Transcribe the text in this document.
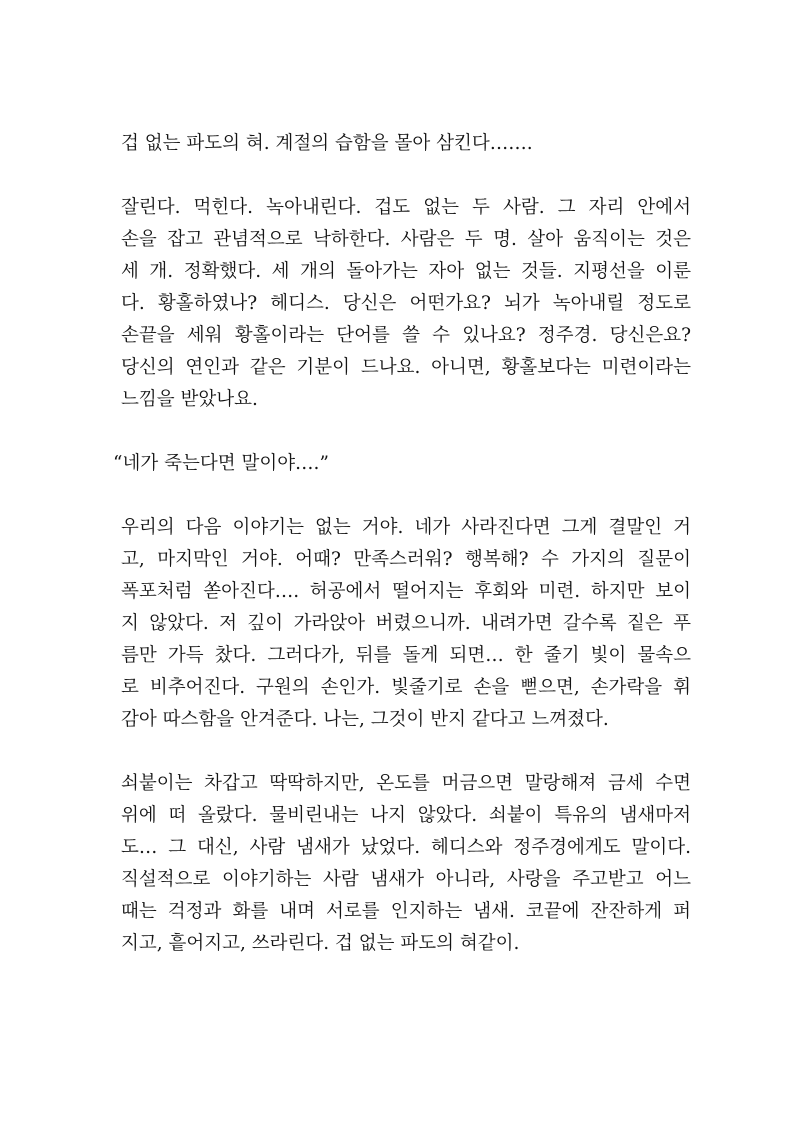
겁 없는 파도의 혀. 계절의 습함을 몰아 삼킨다…….

잘린다. 먹힌다. 녹아내린다. 겁도 없는 두 사람. 그 자리 안에서
손을 잡고 관념적으로 낙하한다. 사람은 두 명. 살아 움직이는 것은
세 개. 정확했다. 세 개의 돌아가는 자아 없는 것들. 지평선을 이룬
다. 황홀하였나? 헤디스. 당신은 어떤가요? 뇌가 녹아내릴 정도로
손끝을 세워 황홀이라는 단어를 쓸 수 있나요? 정주경. 당신은요?
당신의 연인과 같은 기분이 드나요. 아니면, 황홀보다는 미련이라는
느낌을 받았나요.

“네가 죽는다면 말이야….”

우리의 다음 이야기는 없는 거야. 네가 사라진다면 그게 결말인 거
고, 마지막인 거야. 어때? 만족스러워? 행복해? 수 가지의 질문이
폭포처럼 쏟아진다…. 허공에서 떨어지는 후회와 미련. 하지만 보이
지 않았다. 저 깊이 가라앉아 버렸으니까. 내려가면 갈수록 짙은 푸
름만 가득 찼다. 그러다가, 뒤를 돌게 되면… 한 줄기 빛이 물속으
로 비추어진다. 구원의 손인가. 빛줄기로 손을 뻗으면, 손가락을 휘
감아 따스함을 안겨준다. 나는, 그것이 반지 같다고 느껴졌다.

쇠붙이는 차갑고 딱딱하지만, 온도를 머금으면 말랑해져 금세 수면
위에 떠 올랐다. 물비린내는 나지 않았다. 쇠붙이 특유의 냄새마저
도… 그 대신, 사람 냄새가 났었다. 헤디스와 정주경에게도 말이다.
직설적으로 이야기하는 사람 냄새가 아니라, 사랑을 주고받고 어느
때는 걱정과 화를 내며 서로를 인지하는 냄새. 코끝에 잔잔하게 퍼
지고, 흩어지고, 쓰라린다. 겁 없는 파도의 혀같이.
